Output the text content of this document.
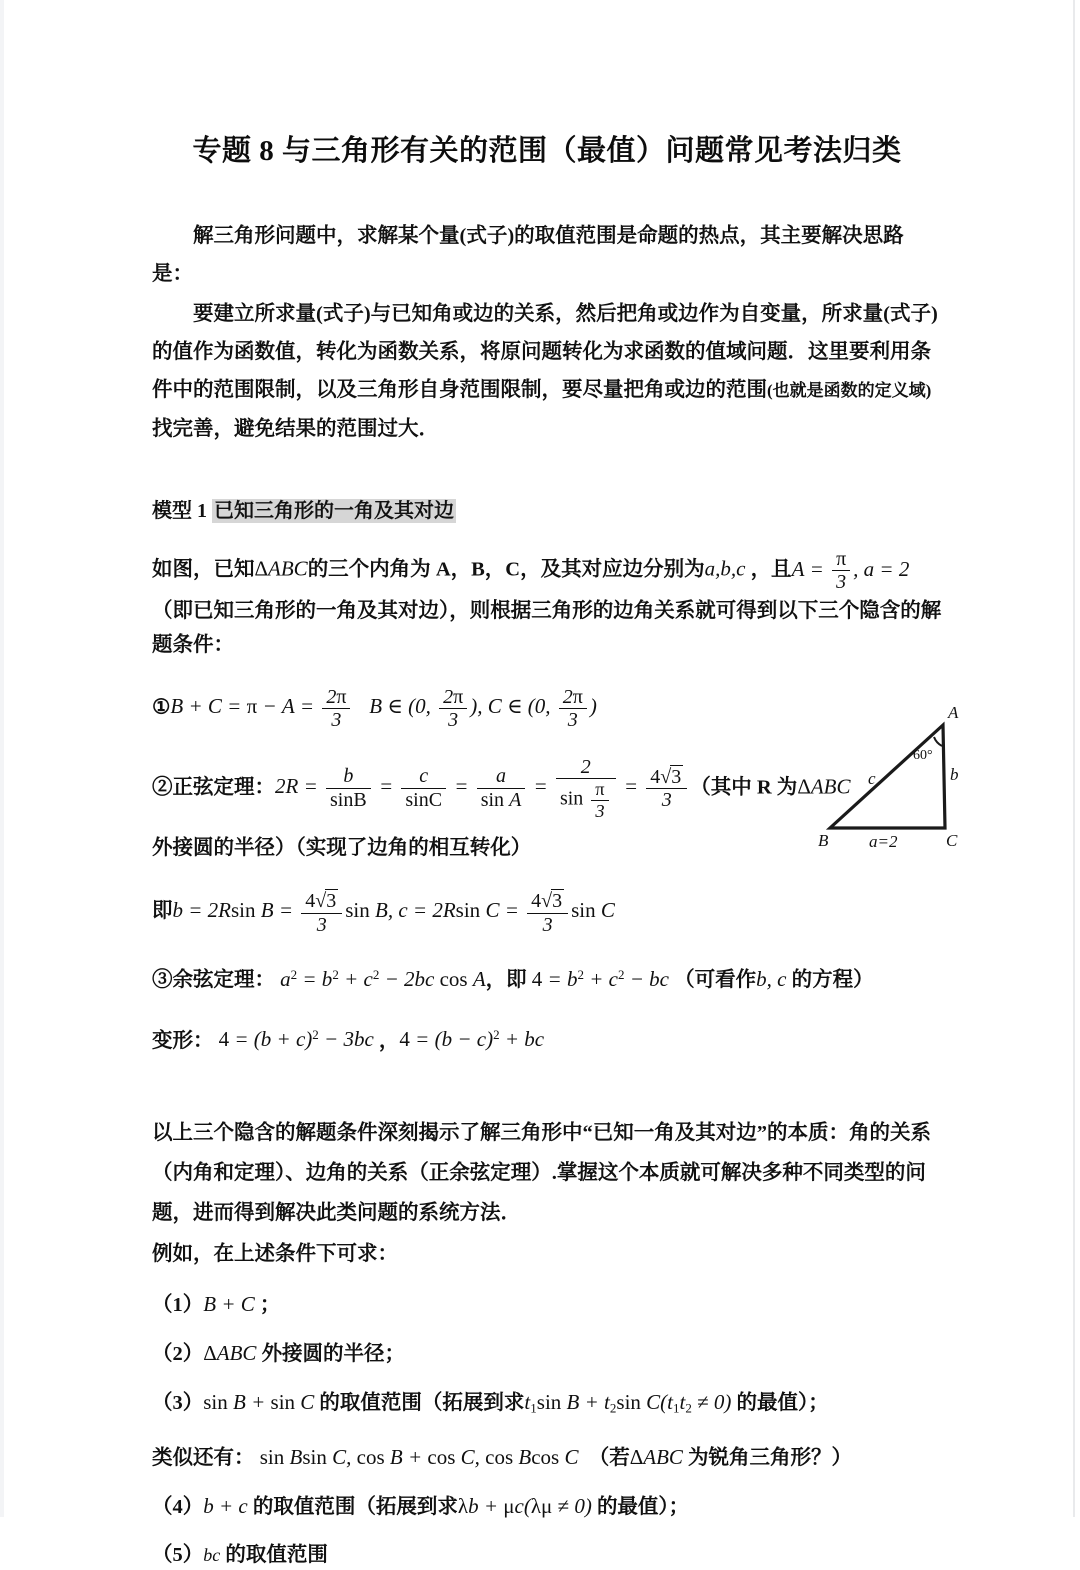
专题 8 与三角形有关的范围（最值）问题常见考法归类

解三角形问题中，求解某个量(式子)的取值范围是命题的热点，其主要解决思路是：

要建立所求量(式子)与已知角或边的关系，然后把角或边作为自变量，所求量(式子)的值作为函数值，转化为函数关系，将原问题转化为求函数的值域问题．这里要利用条件中的范围限制，以及三角形自身范围限制，要尽量把角或边的范围(也就是函数的定义域)找完善，避免结果的范围过大．

模型 1 已知三角形的一角及其对边
如图，已知ΔABC的三个内角为 A，B，C，及其对应边分别为a,b,c ，且$A = \frac{\pi}{3}$ , a = 2（即已知三角形的一角及其对边），则根据三角形的边角关系就可得到以下三个隐含的解题条件：
①B + $C = \pi - A = \frac{2\pi}{3}$ B ∈ (0, $\frac{2\pi}{3}$ ), C ∈ (0, $\frac{2\pi}{3}$ )
②正弦定理：$2R = \frac{b}{\sin B} = \frac{c}{\sin C} = \frac{a}{\text{sin A}} = \frac{2}{\sin \frac{\pi}{3}} = \frac{4√3}{3}$ （其中 R 为ΔABC
外接圆的半径）（实现了边角的相互转化）
即b = 2Rsin $B = \frac{4√3}{3}$ sin B, c = 2Rsin $C = \frac{4√3}{3}$ sin C
③余弦定理： $a^2 = b^2 + c^2 - 2bc$ cos A，即 $4 = b^2 + c^2$ − bc （可看作b, c 的方程）
变形： $4 = (b + c)^2 - 3bc$ ，$4 = (b - c)^2$ + bc

以上三个隐含的解题条件深刻揭示了解三角形中“已知一角及其对边”的本质：角的关系（内角和定理）、边角的关系（正余弦定理）.掌握这个本质就可解决多种不同类型的问题，进而得到解决此类问题的系统方法．

例如，在上述条件下可求：
（1）B + C ；
（2）ΔABC 外接圆的半径；
（3）sin B + sin C 的取值范围（拓展到求$t_1\sin$ $B + t_2\sin$ $C(t_1t_2 \ne 0)$ 的最值）；
类似还有： sin Bsin C, cos B + cos C, cos Bcos C （若ΔABC 为锐角三角形？）
（4）b + c 的取值范围（拓展到求λb + μc(λμ ≠ 0) 的最值）；
（5）bc 的取值范围
A
B	C
60°
c	b
a=2
